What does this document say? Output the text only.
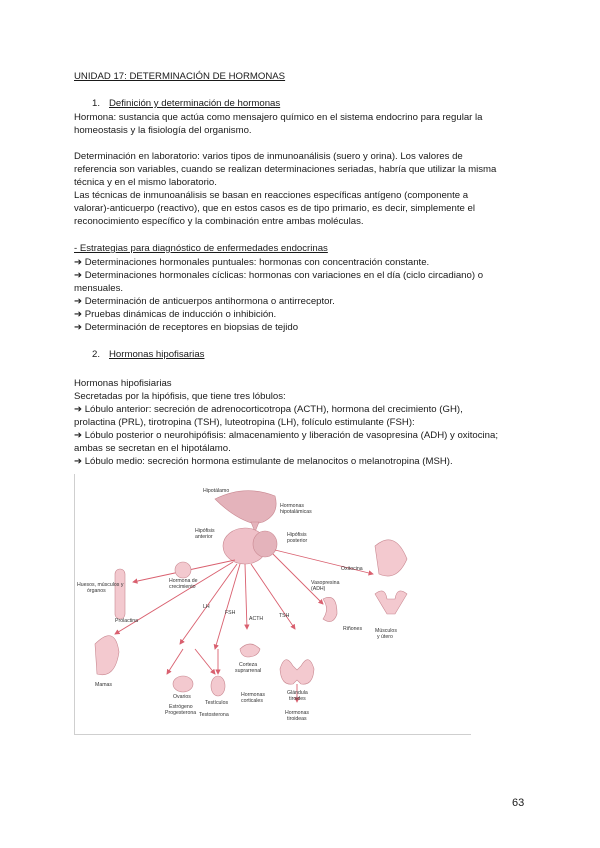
UNIDAD 17: DETERMINACIÓN DE HORMONAS
1. Definición y determinación de hormonas
Hormona: sustancia que actúa como mensajero químico en el sistema endocrino para regular la
homeostasis y la fisiología del organismo.
Determinación en laboratorio: varios tipos de inmunoanálisis (suero y orina). Los valores de
referencia son variables, cuando se realizan determinaciones seriadas, habría que utilizar la misma
técnica y en el mismo laboratorio.
Las técnicas de inmunoanálisis se basan en reacciones específicas antígeno (componente a
valorar)-anticuerpo (reactivo), que en estos casos es de tipo primario, es decir, simplemente el
reconocimiento específico y la combinación entre ambas moléculas.
- Estrategias para diagnóstico de enfermedades endocrinas
➔ Determinaciones hormonales puntuales: hormonas con concentración constante.
➔ Determinaciones hormonales cíclicas: hormonas con variaciones en el día (ciclo circadiano) o
mensuales.
➔ Determinación de anticuerpos antihormona o antirreceptor.
➔ Pruebas dinámicas de inducción o inhibición.
➔ Determinación de receptores en biopsias de tejido
2. Hormonas hipofisarias
Hormonas hipofisiarias
Secretadas por la hipófisis, que tiene tres lóbulos:
➔ Lóbulo anterior: secreción de adrenocorticotropa (ACTH), hormona del crecimiento (GH),
prolactina (PRL), tirotropina (TSH), luteotropina (LH), folículo estimulante (FSH):
➔ Lóbulo posterior o neurohipófisis: almacenamiento y liberación de vasopresina (ADH) y oxitocina;
ambas se secretan en el hipotálamo.
➔ Lóbulo medio: secreción hormona estimulante de melanocitos o melanotropina (MSH).
Hipotálamo
Hormonas
hipotalámicas
Hipófisis
anterior	Hipófisis
posterior
Huesos, músculos y
órganos
Hormona de
crecimiento
Vasopresina
(ADH)
Oxitocina
Prolactina
LH
FSH
ACTH	TSH
Riñones Músculos
y útero
Mamas
Ovarios
Estrógeno
Progesterona
Testículos
Testosterona
Corteza
suprarrenal
Hormonas
corticales
Glándula
tiroides
Hormonas
tiroideas
63
